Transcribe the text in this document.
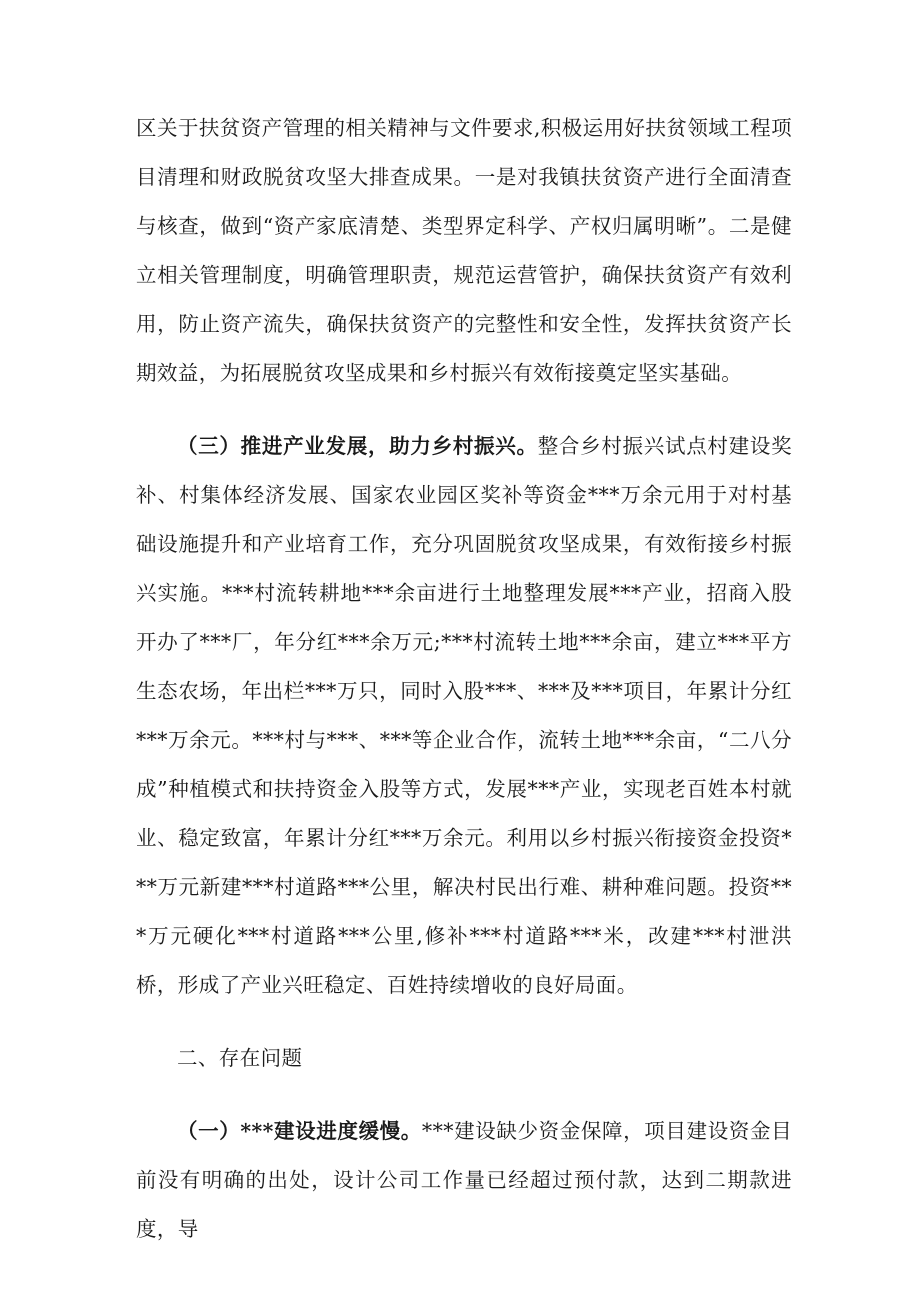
区关于扶贫资产管理的相关精神与文件要求,积极运用好扶贫领域工程项目清理和财政脱贫攻坚大排查成果。一是对我镇扶贫资产进行全面清查与核查，做到“资产家底清楚、类型界定科学、产权归属明晰”。二是健立相关管理制度，明确管理职责，规范运营管护，确保扶贫资产有效利用，防止资产流失，确保扶贫资产的完整性和安全性，发挥扶贫资产长期效益，为拓展脱贫攻坚成果和乡村振兴有效衔接奠定坚实基础。

（三）推进产业发展，助力乡村振兴。整合乡村振兴试点村建设奖补、村集体经济发展、国家农业园区奖补等资金***万余元用于对村基础设施提升和产业培育工作，充分巩固脱贫攻坚成果，有效衔接乡村振兴实施。***村流转耕地***余亩进行土地整理发展***产业，招商入股开办了***厂，年分红***余万元;***村流转土地***余亩，建立***平方生态农场，年出栏***万只，同时入股***、***及***项目，年累计分红***万余元。***村与***、***等企业合作，流转土地***余亩，“二八分成”种植模式和扶持资金入股等方式，发展***产业，实现老百姓本村就业、稳定致富，年累计分红***万余元。利用以乡村振兴衔接资金投资***万元新建***村道路***公里，解决村民出行难、耕种难问题。投资***万元硬化***村道路***公里,修补***村道路***米，改建***村泄洪桥，形成了产业兴旺稳定、百姓持续增收的良好局面。

二、存在问题

（一）***建设进度缓慢。***建设缺少资金保障，项目建设资金目前没有明确的出处，设计公司工作量已经超过预付款，达到二期款进度，导
